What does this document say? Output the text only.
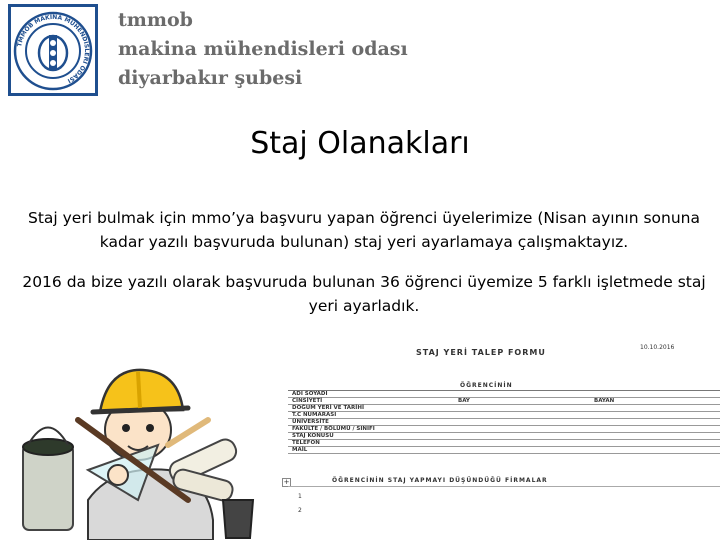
TMMOB MAKİNA MÜHENDİSLERİ ODASI
tmmob
makina mühendisleri odası
diyarbakır şubesi
Staj Olanakları
Staj yeri bulmak için mmo’ya başvuru yapan öğrenci üyelerimize (Nisan ayının sonuna kadar yazılı başvuruda bulunan) staj yeri ayarlamaya çalışmaktayız.
2016 da bize yazılı olarak başvuruda bulunan 36 öğrenci üyemize 5 farklı işletmede staj yeri ayarladık.
STAJ YERİ TALEP FORMU
10.10.2016
ÖĞRENCİNİN
ADI SOYADI
CİNSİYETİ	BAY	BAYAN
DOĞUM YERİ VE TARİHİ
T.C NUMARASI
ÜNİVERSİTE
FAKÜLTE / BÖLÜMÜ / SINIFI
STAJ KONUSU
TELEFON
MAİL
+	ÖĞRENCİNİN STAJ YAPMAYI DÜŞÜNDÜĞÜ FİRMALAR
1
2
